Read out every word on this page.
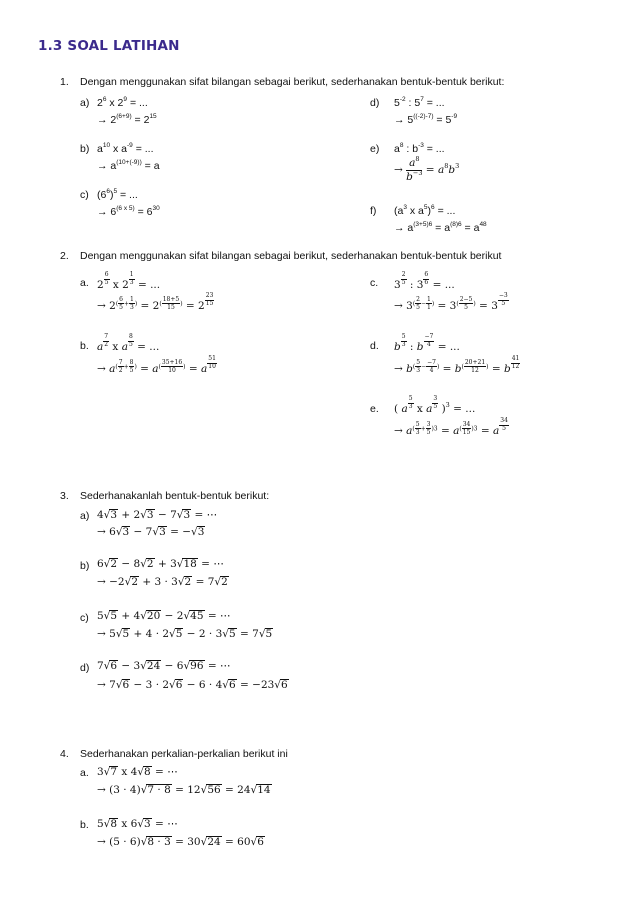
1.3 SOAL LATIHAN
1. Dengan menggunakan sifat bilangan sebagai berikut, sederhanakan bentuk-bentuk berikut:
a) $2^6$ x $2^9$ = ...
→ $2^{(6+9)} = 2^{15}$
b) $a^{10}$ x $a^{-9}$ = ...
→ $a^{(10+(-9))} = a$
c) $(6^6)^5$ = ...
→ $6^{(6 x 5)} = 6^{30}$
d) $5^{-2}$ : $5^7$ = ...
→ $5^{((-2)-7)} = 5^{-9}$
e) $a^8$ : $b^{-3}$ = ...
→ $\frac{a^8}{b^{-3}} = a^8b^3$
f) ($a^3$ x $a^5)^6$ = ...
→ $a^{(3+5)6} = a^{(8)6} = a^{48}$
2. Dengan menggunakan sifat bilangan sebagai berikut, sederhanakan bentuk-bentuk berikut
a. $2 \frac{6}{5}$ x $2 \frac{1}{3}$ = ...
→ $2( \frac{6}{5} + \frac{1}{3}$ ) = $2( \frac{18+5}{15}$ ) = $2 \frac{23}{15}$
b. a $\frac{7}{2}$ x a $\frac{8}{5}$ = ...
→ $a( \frac{7}{2} + \frac{8}{5}$ ) = $a( \frac{35+16}{10}$ ) = a $\frac{51}{10}$
c. $3 \frac{2}{5}$ : $3 \frac{6}{6}$ = ...
→ $3( \frac{2}{5} - \frac{1}{1}$ ) = $3( \frac{2-5}{5}$ ) = $3 \frac{-3}{5}$
d. b $\frac{5}{3}$ : b $\frac{-7}{4}$ = ...
→ $b( \frac{5}{3} - \frac{-7}{4}$ ) = $b( \frac{20+21}{12}$ ) = b $\frac{41}{12}$
e. ( a $\frac{5}{3}$ x a $\frac{3}{5} )^3$ = ...
→ $a( \frac{5}{3} + \frac{3}{5} )3 = a( \frac{34}{15} )3 = a \frac{34}{5}$
3. Sederhanakanlah bentuk-bentuk berikut:
a) 4√3 + 2√3 − 7√3 = ⋯
→ 6√3 − 7√3 = −√3
b) 6√2 − 8√2 + 3√18 = ⋯
→ −2√2 + 3 · 3√2 = 7√2
c) 5√5 + 4√20 − 2√45 = ⋯
→ 5√5 + 4 · 2√5 − 2 · 3√5 = 7√5
d) 7√6 − 3√24 − 6√96 = ⋯
→ 7√6 − 3 · 2√6 − 6 · 4√6 = −23√6
4. Sederhanakan perkalian-perkalian berikut ini
a. 3√7 x 4√8 = ⋯
→ (3 · 4)√7 · 8 = 12√56 = 24√14
b. 5√8 x 6√3 = ⋯
→ (5 · 6)√8 · 3 = 30√24 = 60√6
